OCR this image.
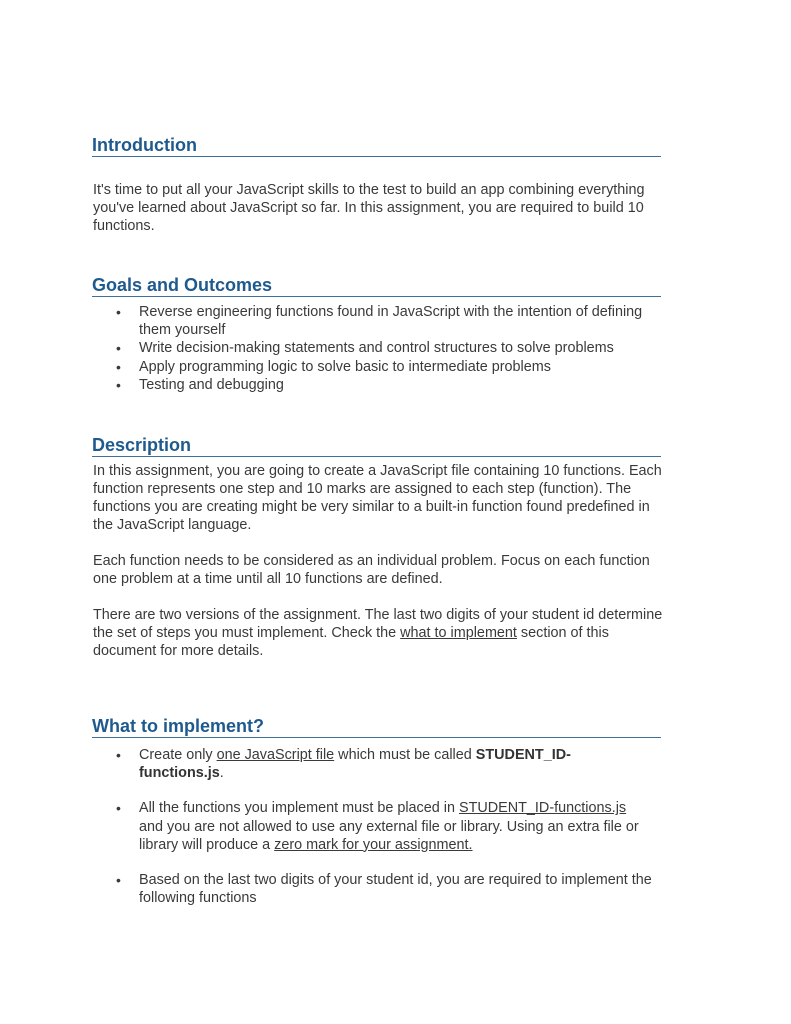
Introduction

It's time to put all your JavaScript skills to the test to build an app combining everything you've learned about JavaScript so far. In this assignment, you are required to build 10 functions.

Goals and Outcomes
• Reverse engineering functions found in JavaScript with the intention of defining them yourself
• Write decision-making statements and control structures to solve problems
• Apply programming logic to solve basic to intermediate problems
• Testing and debugging
Description

In this assignment, you are going to create a JavaScript file containing 10 functions. Each function represents one step and 10 marks are assigned to each step (function). The functions you are creating might be very similar to a built-in function found predefined in the JavaScript language.

Each function needs to be considered as an individual problem. Focus on each function one problem at a time until all 10 functions are defined.

There are two versions of the assignment. The last two digits of your student id determine the set of steps you must implement. Check the what to implement section of this document for more details.

What to implement?
• Create only one JavaScript file which must be called STUDENT_ID-functions.js.
• All the functions you implement must be placed in STUDENT_ID-functions.js and you are not allowed to use any external file or library. Using an extra file or library will produce a zero mark for your assignment.
• Based on the last two digits of your student id, you are required to implement the following functions
